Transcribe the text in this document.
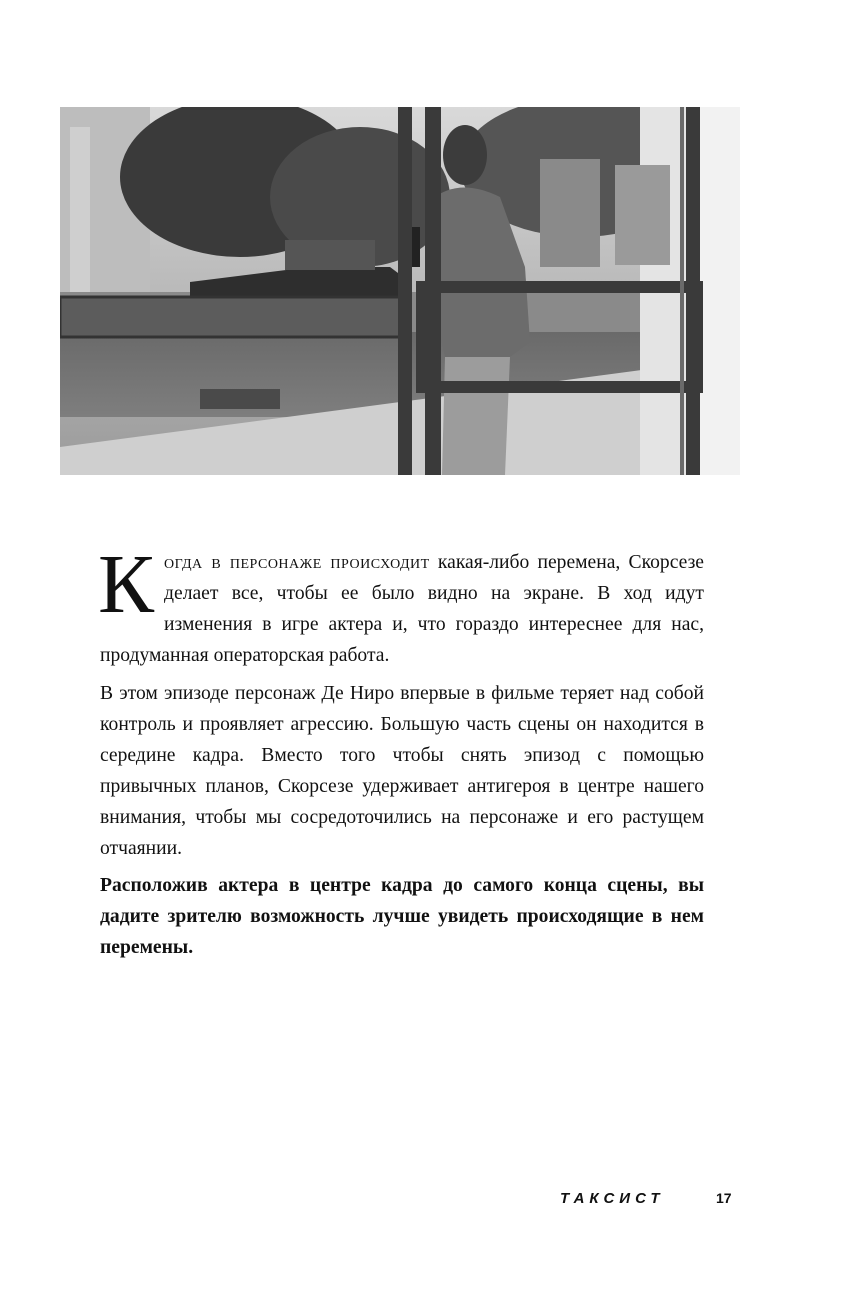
Когда в персонаже происходит какая-либо перемена, Скорсезе делает все, чтобы ее было видно на экране. В ход идут изменения в игре актера и, что гораздо интереснее для нас, продуманная операторская работа.

В этом эпизоде персонаж Де Ниро впервые в фильме теряет над собой контроль и проявляет агрессию. Большую часть сцены он находится в середине кадра. Вместо того чтобы снять эпизод с помощью привычных планов, Скорсезе удерживает антигероя в центре нашего внимания, чтобы мы сосредоточились на персонаже и его растущем отчаянии.

Расположив актера в центре кадра до самого конца сцены, вы дадите зрителю возможность лучше увидеть происходящие в нем перемены.

ТАКСИСТ	17
